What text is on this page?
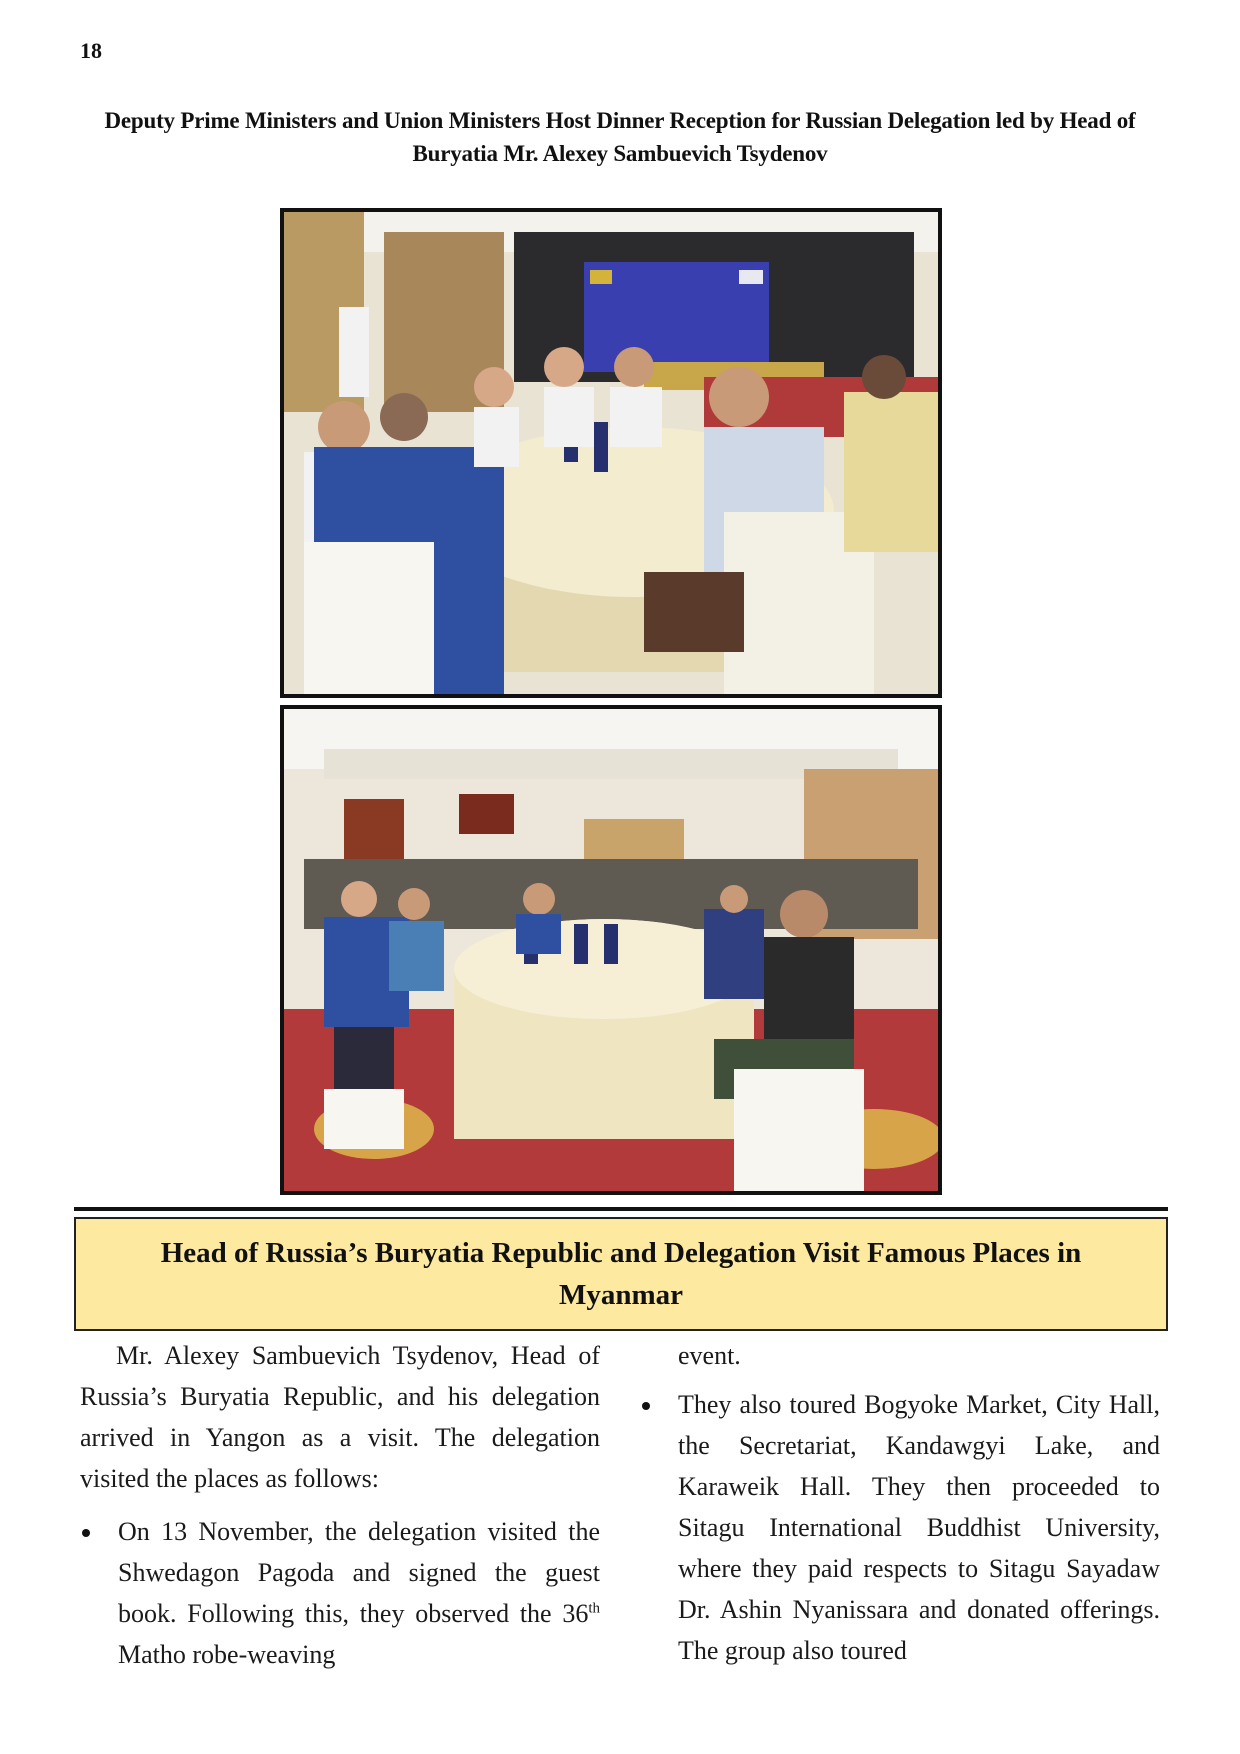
18
Deputy Prime Ministers and Union Ministers Host Dinner Reception for Russian Delegation led by Head of Buryatia Mr. Alexey Sambuevich Tsydenov
Head of Russia’s Buryatia Republic and Delegation Visit Famous Places in Myanmar

Mr. Alexey Sambuevich Tsydenov, Head of Russia’s Buryatia Republic, and his delegation arrived in Yangon as a visit. The delegation visited the places as follows:

On 13 November, the delegation visited the Shwedagon Pagoda and signed the guest book. Following this, they observed the 36th Matho robe-weaving

event.

They also toured Bogyoke Market, City Hall, the Secretariat, Kandawgyi Lake, and Karaweik Hall. They then proceeded to Sitagu International Buddhist University, where they paid respects to Sitagu Sayadaw Dr. Ashin Nyanissara and donated offerings. The group also toured
